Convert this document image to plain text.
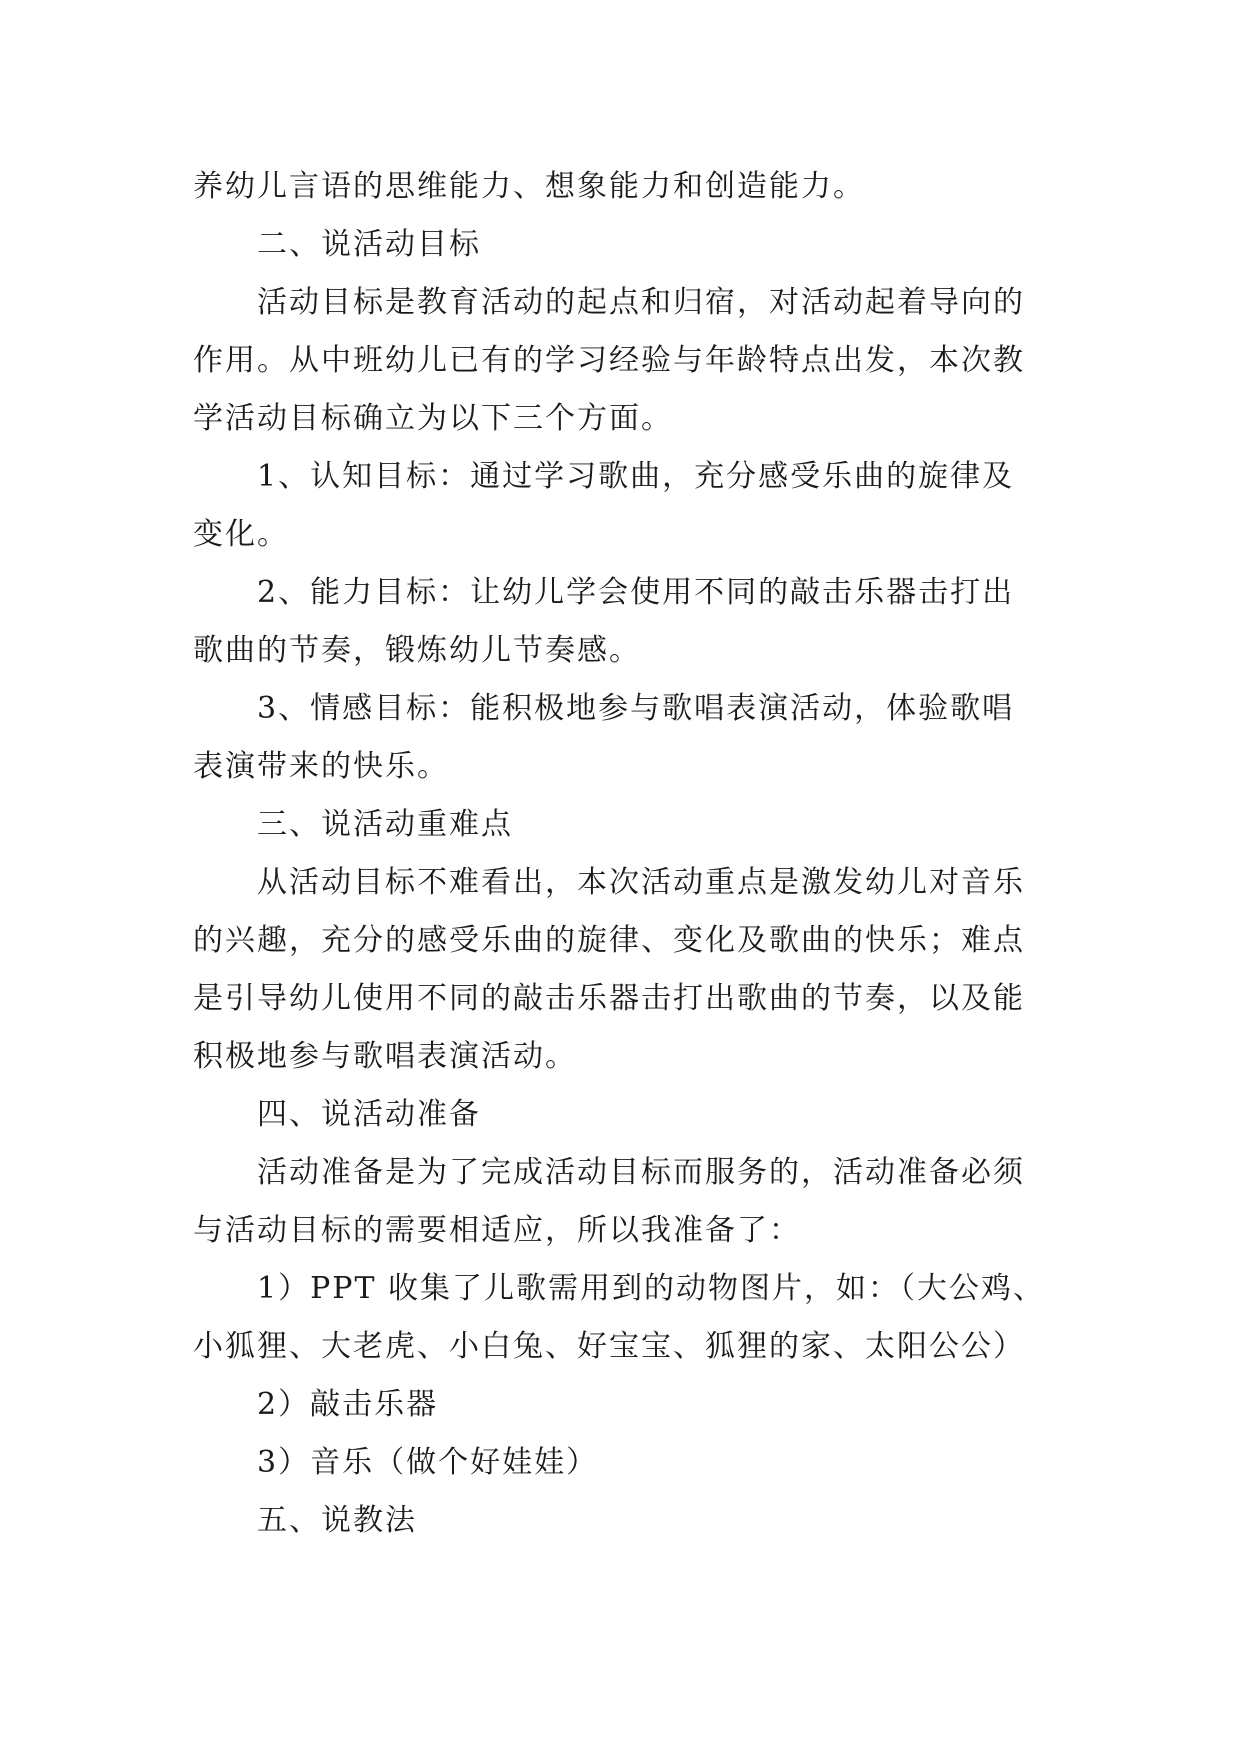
养幼儿言语的思维能力、想象能力和创造能力。
二、说活动目标
活动目标是教育活动的起点和归宿，对活动起着导向的
作用。从中班幼儿已有的学习经验与年龄特点出发，本次教
学活动目标确立为以下三个方面。
1、认知目标：通过学习歌曲，充分感受乐曲的旋律及
变化。
2、能力目标：让幼儿学会使用不同的敲击乐器击打出
歌曲的节奏，锻炼幼儿节奏感。
3、情感目标：能积极地参与歌唱表演活动，体验歌唱
表演带来的快乐。
三、说活动重难点
从活动目标不难看出，本次活动重点是激发幼儿对音乐
的兴趣，充分的感受乐曲的旋律、变化及歌曲的快乐；难点
是引导幼儿使用不同的敲击乐器击打出歌曲的节奏，以及能
积极地参与歌唱表演活动。
四、说活动准备
活动准备是为了完成活动目标而服务的，活动准备必须
与活动目标的需要相适应，所以我准备了：
1）PPT 收集了儿歌需用到的动物图片，如：（大公鸡、
小狐狸、大老虎、小白兔、好宝宝、狐狸的家、太阳公公）
2）敲击乐器
3）音乐（做个好娃娃）
五、说教法
